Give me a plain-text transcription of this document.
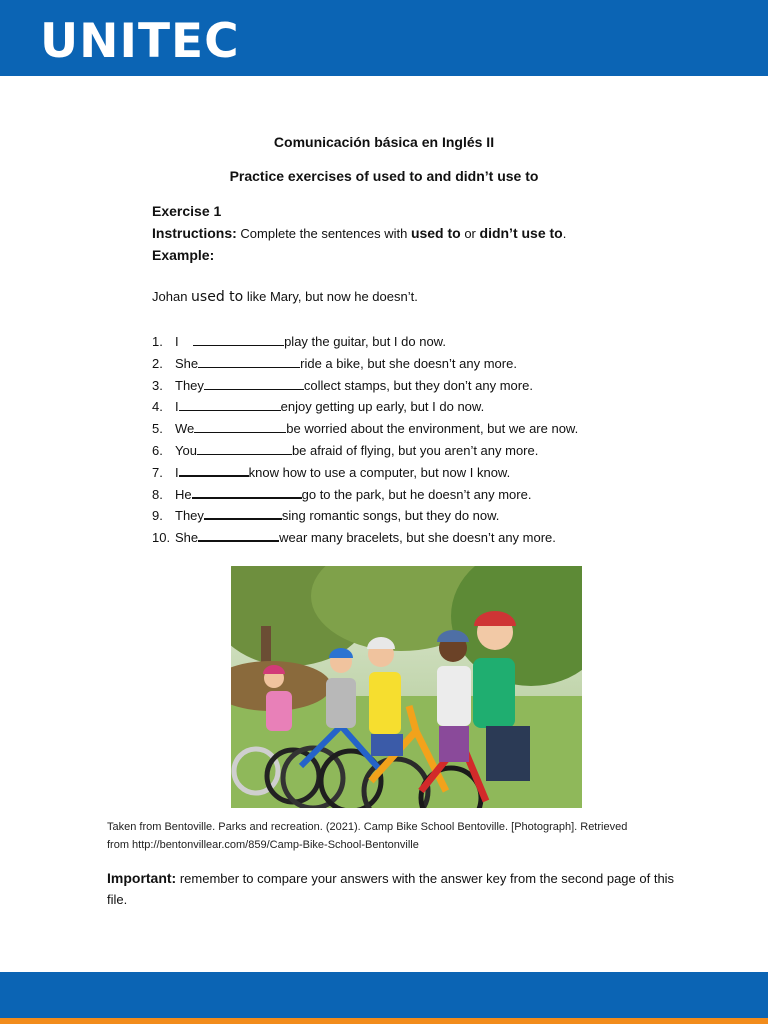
UNITEC
Comunicación básica en Inglés II
Practice exercises of used to and didn’t use to
Exercise 1
Instructions: Complete the sentences with used to or didn’t use to.
Example:
Johan used to like Mary, but now he doesn’t.
1. I	play the guitar, but I do now.
2. She	ride a bike, but she doesn’t any more.
3. They	collect stamps, but they don’t any more.
4. I	enjoy getting up early, but I do now.
5. We	be worried about the environment, but we are now.
6. You	be afraid of flying, but you aren’t any more.
7. I	know how to use a computer, but now I know.
8. He	go to the park, but he doesn’t any more.
9. They	sing romantic songs, but they do now.
10. She	wear many bracelets, but she doesn’t any more.
Taken from Bentoville. Parks and recreation. (2021). Camp Bike School Bentoville. [Photograph]. Retrieved
from http://bentonvillear.com/859/Camp-Bike-School-Bentonville
Important: remember to compare your answers with the answer key from the second page of this file.
